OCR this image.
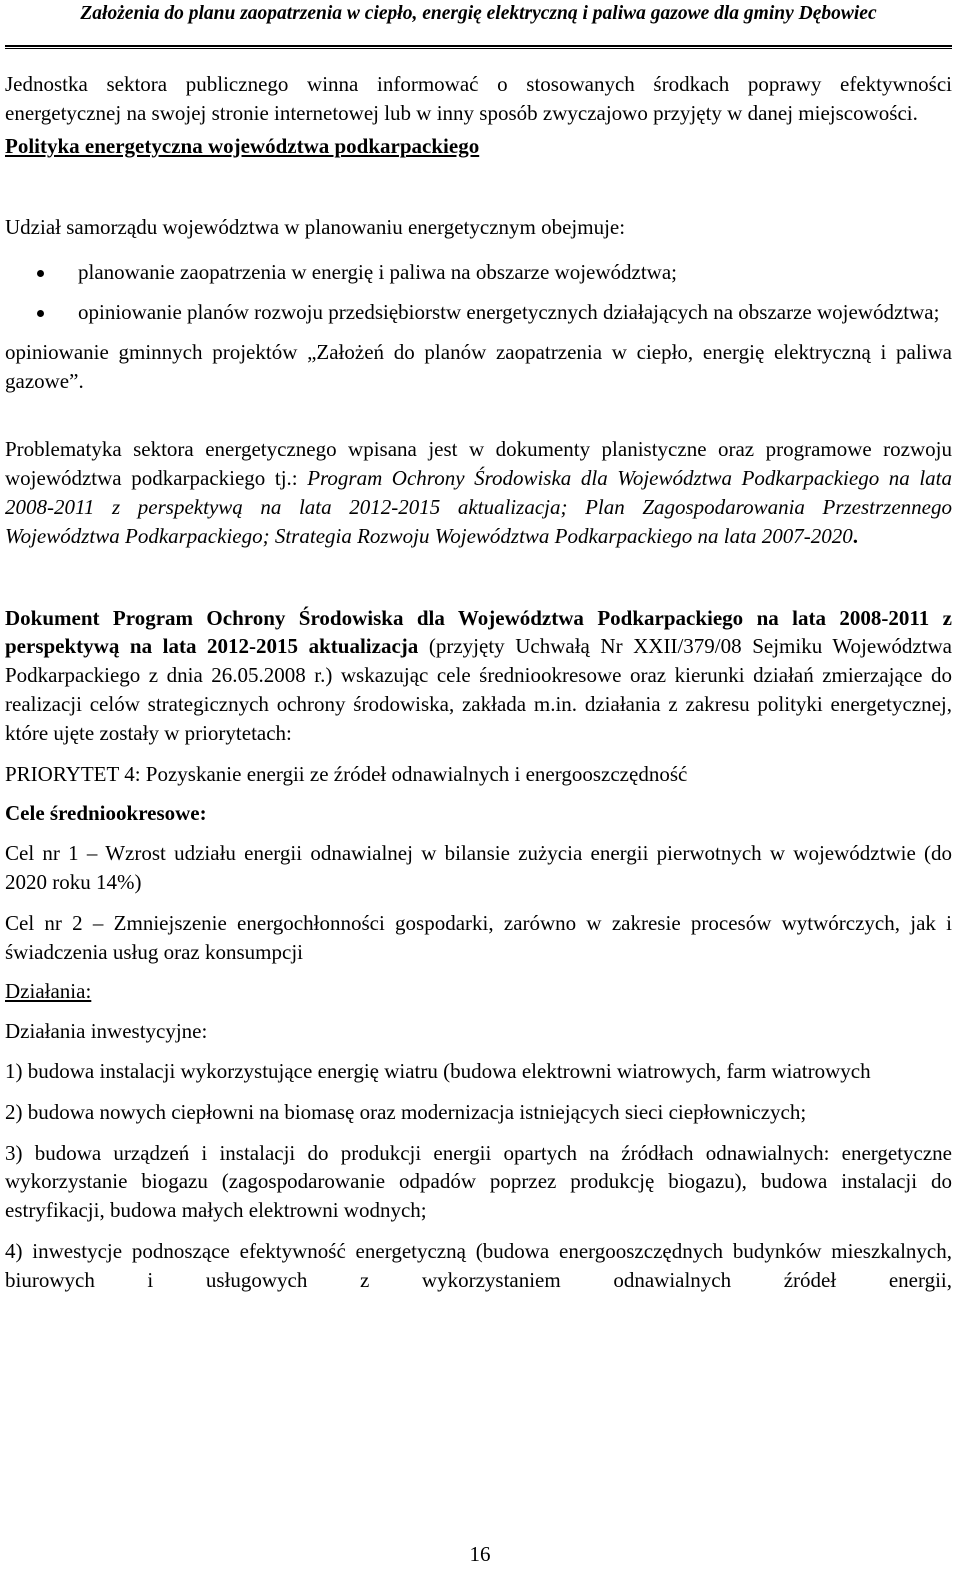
Założenia do planu zaopatrzenia w ciepło, energię elektryczną i paliwa gazowe dla gminy Dębowiec

Jednostka sektora publicznego winna informować o stosowanych środkach poprawy efektywności energetycznej na swojej stronie internetowej lub w inny sposób zwyczajowo przyjęty w danej miejscowości.

Polityka energetyczna województwa podkarpackiego

Udział samorządu województwa w planowaniu energetycznym obejmuje:

planowanie zaopatrzenia w energię i paliwa na obszarze województwa;
opiniowanie planów rozwoju przedsiębiorstw energetycznych działających na obszarze województwa;

opiniowanie gminnych projektów „Założeń do planów zaopatrzenia w ciepło, energię elektryczną i paliwa gazowe”.

Problematyka sektora energetycznego wpisana jest w dokumenty planistyczne oraz programowe rozwoju województwa podkarpackiego tj.: Program Ochrony Środowiska dla Województwa Podkarpackiego na lata 2008-2011 z perspektywą na lata 2012-2015 aktualizacja; Plan Zagospodarowania Przestrzennego Województwa Podkarpackiego; Strategia Rozwoju Województwa Podkarpackiego na lata 2007-2020.

Dokument Program Ochrony Środowiska dla Województwa Podkarpackiego na lata 2008-2011 z perspektywą na lata 2012-2015 aktualizacja (przyjęty Uchwałą Nr XXII/379/08 Sejmiku Województwa Podkarpackiego z dnia 26.05.2008 r.) wskazując cele średniookresowe oraz kierunki działań zmierzające do realizacji celów strategicznych ochrony środowiska, zakłada m.in. działania z zakresu polityki energetycznej, które ujęte zostały w priorytetach:

PRIORYTET 4: Pozyskanie energii ze źródeł odnawialnych i energooszczędność

Cele średniookresowe:

Cel nr 1 – Wzrost udziału energii odnawialnej w bilansie zużycia energii pierwotnych w województwie (do 2020 roku 14%)

Cel nr 2 – Zmniejszenie energochłonności gospodarki, zarówno w zakresie procesów wytwórczych, jak i świadczenia usług oraz konsumpcji

Działania:

Działania inwestycyjne:

1) budowa instalacji wykorzystujące energię wiatru (budowa elektrowni wiatrowych, farm wiatrowych

2) budowa nowych ciepłowni na biomasę oraz modernizacja istniejących sieci ciepłowniczych;

3) budowa urządzeń i instalacji do produkcji energii opartych na źródłach odnawialnych: energetyczne wykorzystanie biogazu (zagospodarowanie odpadów poprzez produkcję biogazu), budowa instalacji do estryfikacji, budowa małych elektrowni wodnych;

4) inwestycje podnoszące efektywność energetyczną (budowa energooszczędnych budynków mieszkalnych, biurowych i usługowych z wykorzystaniem odnawialnych źródeł energii,

16
